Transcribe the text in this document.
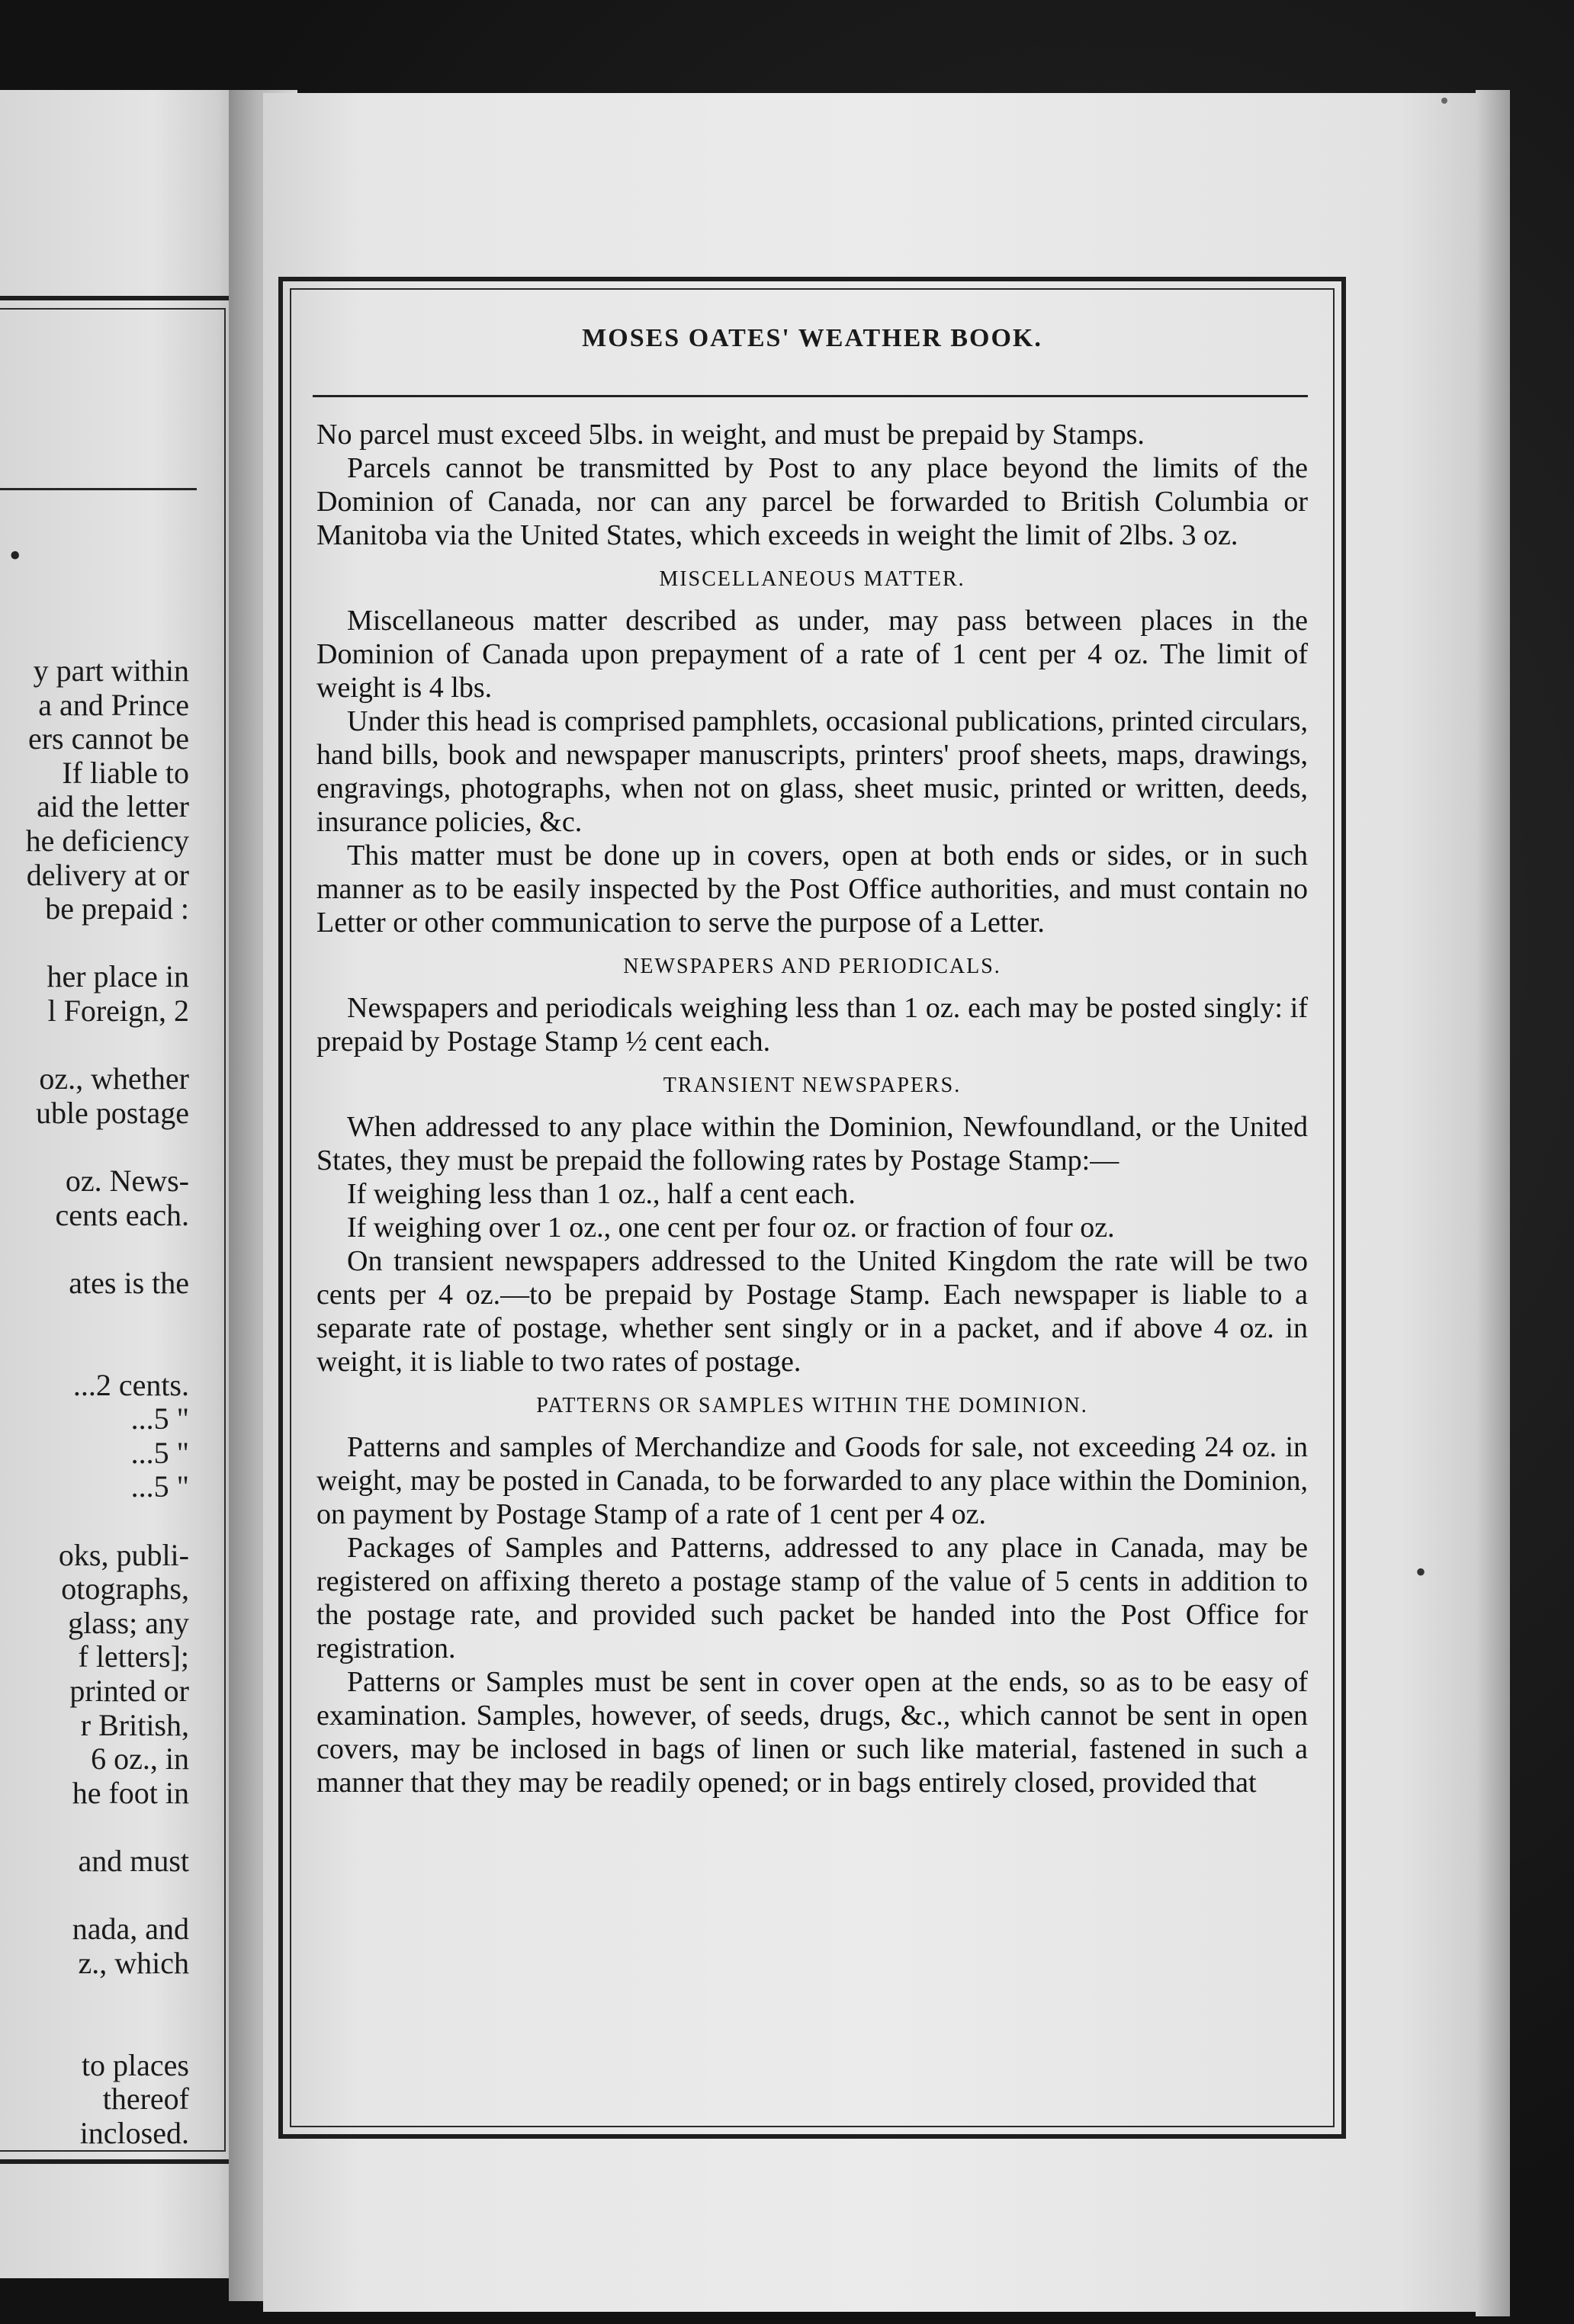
•
y part within
a and Prince
ers cannot be
If liable to
aid the letter
he deficiency
delivery at or
be prepaid :
her place in
l Foreign, 2
oz., whether
uble postage
oz. News-
cents each.
ates is the
...2 cents.
...5 "
...5 "
...5 "
oks, publi-
otographs,
glass; any
f letters];
printed or
r British,
6 oz., in
he foot in
and must
nada, and
z., which
to places
thereof
inclosed.
MOSES OATES' WEATHER BOOK.

No parcel must exceed 5lbs. in weight, and must be prepaid by Stamps.

Parcels cannot be transmitted by Post to any place beyond the limits of the Dominion of Canada, nor can any parcel be forwarded to British Columbia or Manitoba via the United States, which exceeds in weight the limit of 2lbs. 3 oz.

MISCELLANEOUS MATTER.

Miscellaneous matter described as under, may pass between places in the Dominion of Canada upon prepayment of a rate of 1 cent per 4 oz. The limit of weight is 4 lbs.

Under this head is comprised pamphlets, occasional publications, printed circulars, hand bills, book and newspaper manuscripts, printers' proof sheets, maps, drawings, engravings, photographs, when not on glass, sheet music, printed or written, deeds, insurance policies, &c.

This matter must be done up in covers, open at both ends or sides, or in such manner as to be easily inspected by the Post Office authorities, and must contain no Letter or other communication to serve the purpose of a Letter.

NEWSPAPERS AND PERIODICALS.

Newspapers and periodicals weighing less than 1 oz. each may be posted singly: if prepaid by Postage Stamp ½ cent each.

TRANSIENT NEWSPAPERS.

When addressed to any place within the Dominion, Newfoundland, or the United States, they must be prepaid the following rates by Postage Stamp:—

If weighing less than 1 oz., half a cent each.

If weighing over 1 oz., one cent per four oz. or fraction of four oz.

On transient newspapers addressed to the United Kingdom the rate will be two cents per 4 oz.—to be prepaid by Postage Stamp. Each newspaper is liable to a separate rate of postage, whether sent singly or in a packet, and if above 4 oz. in weight, it is liable to two rates of postage.

PATTERNS OR SAMPLES WITHIN THE DOMINION.

Patterns and samples of Merchandize and Goods for sale, not exceeding 24 oz. in weight, may be posted in Canada, to be forwarded to any place within the Dominion, on payment by Postage Stamp of a rate of 1 cent per 4 oz.

Packages of Samples and Patterns, addressed to any place in Canada, may be registered on affixing thereto a postage stamp of the value of 5 cents in addition to the postage rate, and provided such packet be handed into the Post Office for registration.

Patterns or Samples must be sent in cover open at the ends, so as to be easy of examination. Samples, however, of seeds, drugs, &c., which cannot be sent in open covers, may be inclosed in bags of linen or such like material, fastened in such a manner that they may be readily opened; or in bags entirely closed, provided that

•
